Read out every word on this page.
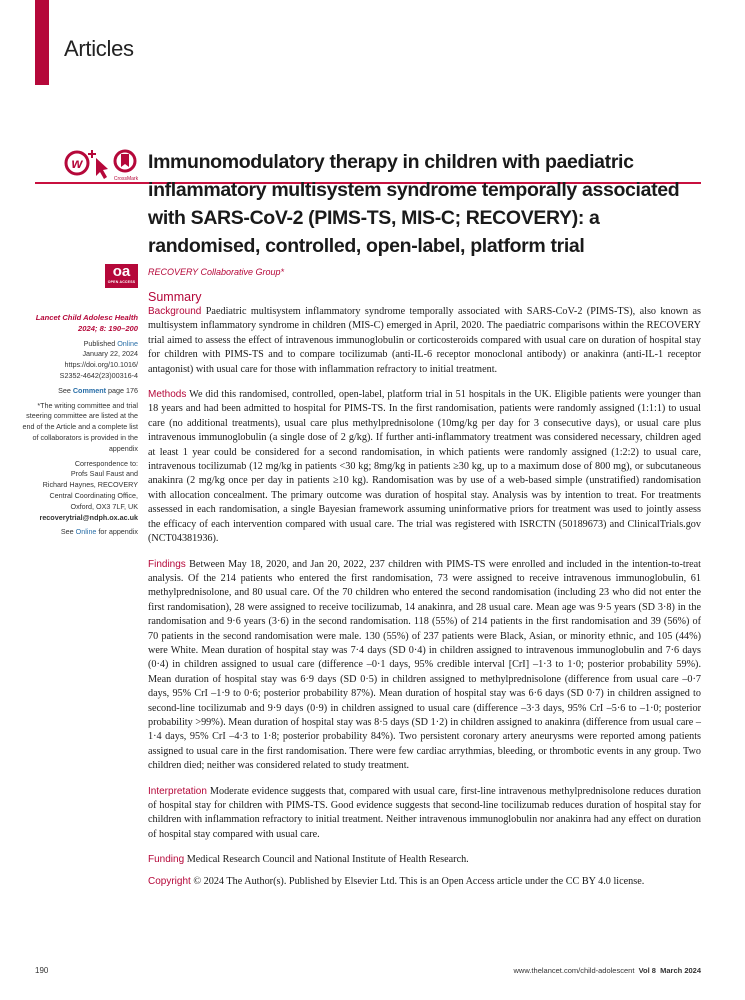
Articles
w
CrossMark
oa
OPEN ACCESS
Immunomodulatory therapy in children with paediatric inflammatory multisystem syndrome temporally associated with SARS-CoV-2 (PIMS-TS, MIS-C; RECOVERY): a randomised, controlled, open-label, platform trial
RECOVERY Collaborative Group*
Summary

Background Paediatric multisystem inflammatory syndrome temporally associated with SARS-CoV-2 (PIMS-TS), also known as multisystem inflammatory syndrome in children (MIS-C) emerged in April, 2020. The paediatric comparisons within the RECOVERY trial aimed to assess the effect of intravenous immunoglobulin or corticosteroids compared with usual care on duration of hospital stay for children with PIMS-TS and to compare tocilizumab (anti-IL-6 receptor monoclonal antibody) or anakinra (anti-IL-1 receptor antagonist) with usual care for those with inflammation refractory to initial treatment.

Methods We did this randomised, controlled, open-label, platform trial in 51 hospitals in the UK. Eligible patients were younger than 18 years and had been admitted to hospital for PIMS-TS. In the first randomisation, patients were randomly assigned (1:1:1) to usual care (no additional treatments), usual care plus methylprednisolone (10mg/kg per day for 3 consecutive days), or usual care plus intravenous immunoglobulin (a single dose of 2 g/kg). If further anti-inflammatory treatment was considered necessary, children aged at least 1 year could be considered for a second randomisation, in which patients were randomly assigned (1:2:2) to usual care, intravenous tocilizumab (12 mg/kg in patients <30 kg; 8mg/kg in patients ≥30 kg, up to a maximum dose of 800 mg), or subcutaneous anakinra (2 mg/kg once per day in patients ≥10 kg). Randomisation was by use of a web-based simple (unstratified) randomisation with allocation concealment. The primary outcome was duration of hospital stay. Analysis was by intention to treat. For treatments assessed in each randomisation, a single Bayesian framework assuming uninformative priors for treatment was used to jointly assess the efficacy of each intervention compared with usual care. The trial was registered with ISRCTN (50189673) and ClinicalTrials.gov (NCT04381936).

Findings Between May 18, 2020, and Jan 20, 2022, 237 children with PIMS-TS were enrolled and included in the intention-to-treat analysis. Of the 214 patients who entered the first randomisation, 73 were assigned to receive intravenous immunoglobulin, 61 methylprednisolone, and 80 usual care. Of the 70 children who entered the second randomisation (including 23 who did not enter the first randomisation), 28 were assigned to receive tocilizumab, 14 anakinra, and 28 usual care. Mean age was 9·5 years (SD 3·8) in the randomisation and 9·6 years (3·6) in the second randomisation. 118 (55%) of 214 patients in the first randomisation and 39 (56%) of 70 patients in the second randomisation were male. 130 (55%) of 237 patients were Black, Asian, or minority ethnic, and 105 (44%) were White. Mean duration of hospital stay was 7·4 days (SD 0·4) in children assigned to intravenous immunoglobulin and 7·6 days (0·4) in children assigned to usual care (difference –0·1 days, 95% credible interval [CrI] –1·3 to 1·0; posterior probability 59%). Mean duration of hospital stay was 6·9 days (SD 0·5) in children assigned to methylprednisolone (difference from usual care –0·7 days, 95% CrI –1·9 to 0·6; posterior probability 87%). Mean duration of hospital stay was 6·6 days (SD 0·7) in children assigned to second-line tocilizumab and 9·9 days (0·9) in children assigned to usual care (difference –3·3 days, 95% CrI –5·6 to –1·0; posterior probability >99%). Mean duration of hospital stay was 8·5 days (SD 1·2) in children assigned to anakinra (difference from usual care –1·4 days, 95% CrI –4·3 to 1·8; posterior probability 84%). Two persistent coronary artery aneurysms were reported among patients assigned to usual care in the first randomisation. There were few cardiac arrythmias, bleeding, or thrombotic events in any group. Two children died; neither was considered related to study treatment.

Interpretation Moderate evidence suggests that, compared with usual care, first-line intravenous methylprednisolone reduces duration of hospital stay for children with PIMS-TS. Good evidence suggests that second-line tocilizumab reduces duration of hospital stay for children with inflammation refractory to initial treatment. Neither intravenous immunoglobulin nor anakinra had any effect on duration of hospital stay compared with usual care.

Funding Medical Research Council and National Institute of Health Research.

Copyright © 2024 The Author(s). Published by Elsevier Ltd. This is an Open Access article under the CC BY 4.0 license.

Lancet Child Adolesc Health
2024; 8: 190–200

Published Online
January 22, 2024
https://doi.org/10.1016/
S2352-4642(23)00316-4

See Comment page 176

*The writing committee and trial steering committee are listed at the end of the Article and a complete list of collaborators is provided in the appendix

Correspondence to:
Profs Saul Faust and
Richard Haynes, RECOVERY
Central Coordinating Office,
Oxford, OX3 7LF, UK
recoverytrial@ndph.ox.ac.uk

See Online for appendix

190	www.thelancet.com/child-adolescent Vol 8 March 2024
